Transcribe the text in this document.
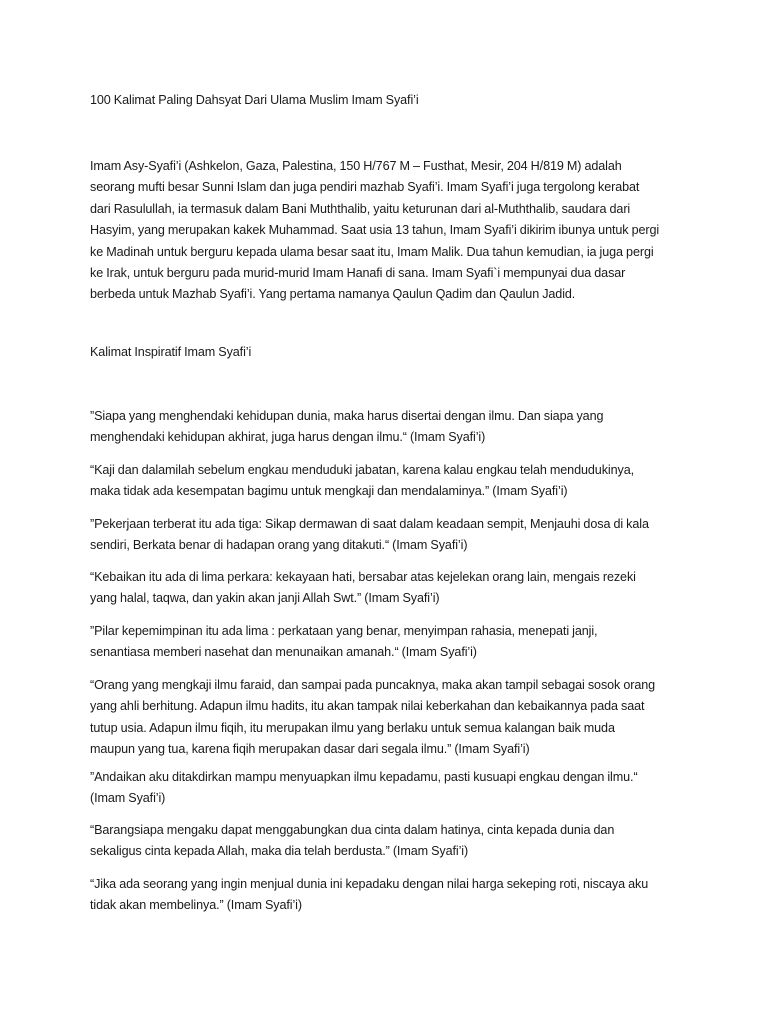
100 Kalimat Paling Dahsyat Dari Ulama Muslim Imam Syafi’i
Imam Asy-Syafi’i (Ashkelon, Gaza, Palestina, 150 H/767 M – Fusthat, Mesir, 204 H/819 M) adalah
seorang mufti besar Sunni Islam dan juga pendiri mazhab Syafi’i. Imam Syafi’i juga tergolong kerabat
dari Rasulullah, ia termasuk dalam Bani Muththalib, yaitu keturunan dari al-Muththalib, saudara dari
Hasyim, yang merupakan kakek Muhammad. Saat usia 13 tahun, Imam Syafi’i dikirim ibunya untuk pergi
ke Madinah untuk berguru kepada ulama besar saat itu, Imam Malik. Dua tahun kemudian, ia juga pergi
ke Irak, untuk berguru pada murid-murid Imam Hanafi di sana. Imam Syafi`i mempunyai dua dasar
berbeda untuk Mazhab Syafi’i. Yang pertama namanya Qaulun Qadim dan Qaulun Jadid.
Kalimat Inspiratif Imam Syafi’i
”Siapa yang menghendaki kehidupan dunia, maka harus disertai dengan ilmu. Dan siapa yang
menghendaki kehidupan akhirat, juga harus dengan ilmu.“ (Imam Syafi’i)
“Kaji dan dalamilah sebelum engkau menduduki jabatan, karena kalau engkau telah mendudukinya,
maka tidak ada kesempatan bagimu untuk mengkaji dan mendalaminya.” (Imam Syafi’i)
”Pekerjaan terberat itu ada tiga: Sikap dermawan di saat dalam keadaan sempit, Menjauhi dosa di kala
sendiri, Berkata benar di hadapan orang yang ditakuti.“ (Imam Syafi’i)
“Kebaikan itu ada di lima perkara: kekayaan hati, bersabar atas kejelekan orang lain, mengais rezeki
yang halal, taqwa, dan yakin akan janji Allah Swt.” (Imam Syafi’i)
”Pilar kepemimpinan itu ada lima : perkataan yang benar, menyimpan rahasia, menepati janji,
senantiasa memberi nasehat dan menunaikan amanah.“ (Imam Syafi’i)
“Orang yang mengkaji ilmu faraid, dan sampai pada puncaknya, maka akan tampil sebagai sosok orang
yang ahli berhitung. Adapun ilmu hadits, itu akan tampak nilai keberkahan dan kebaikannya pada saat
tutup usia. Adapun ilmu fiqih, itu merupakan ilmu yang berlaku untuk semua kalangan baik muda
maupun yang tua, karena fiqih merupakan dasar dari segala ilmu.” (Imam Syafi’i)
”Andaikan aku ditakdirkan mampu menyuapkan ilmu kepadamu, pasti kusuapi engkau dengan ilmu.“
(Imam Syafi’i)
“Barangsiapa mengaku dapat menggabungkan dua cinta dalam hatinya, cinta kepada dunia dan
sekaligus cinta kepada Allah, maka dia telah berdusta.” (Imam Syafi’i)
“Jika ada seorang yang ingin menjual dunia ini kepadaku dengan nilai harga sekeping roti, niscaya aku
tidak akan membelinya.” (Imam Syafi’i)
